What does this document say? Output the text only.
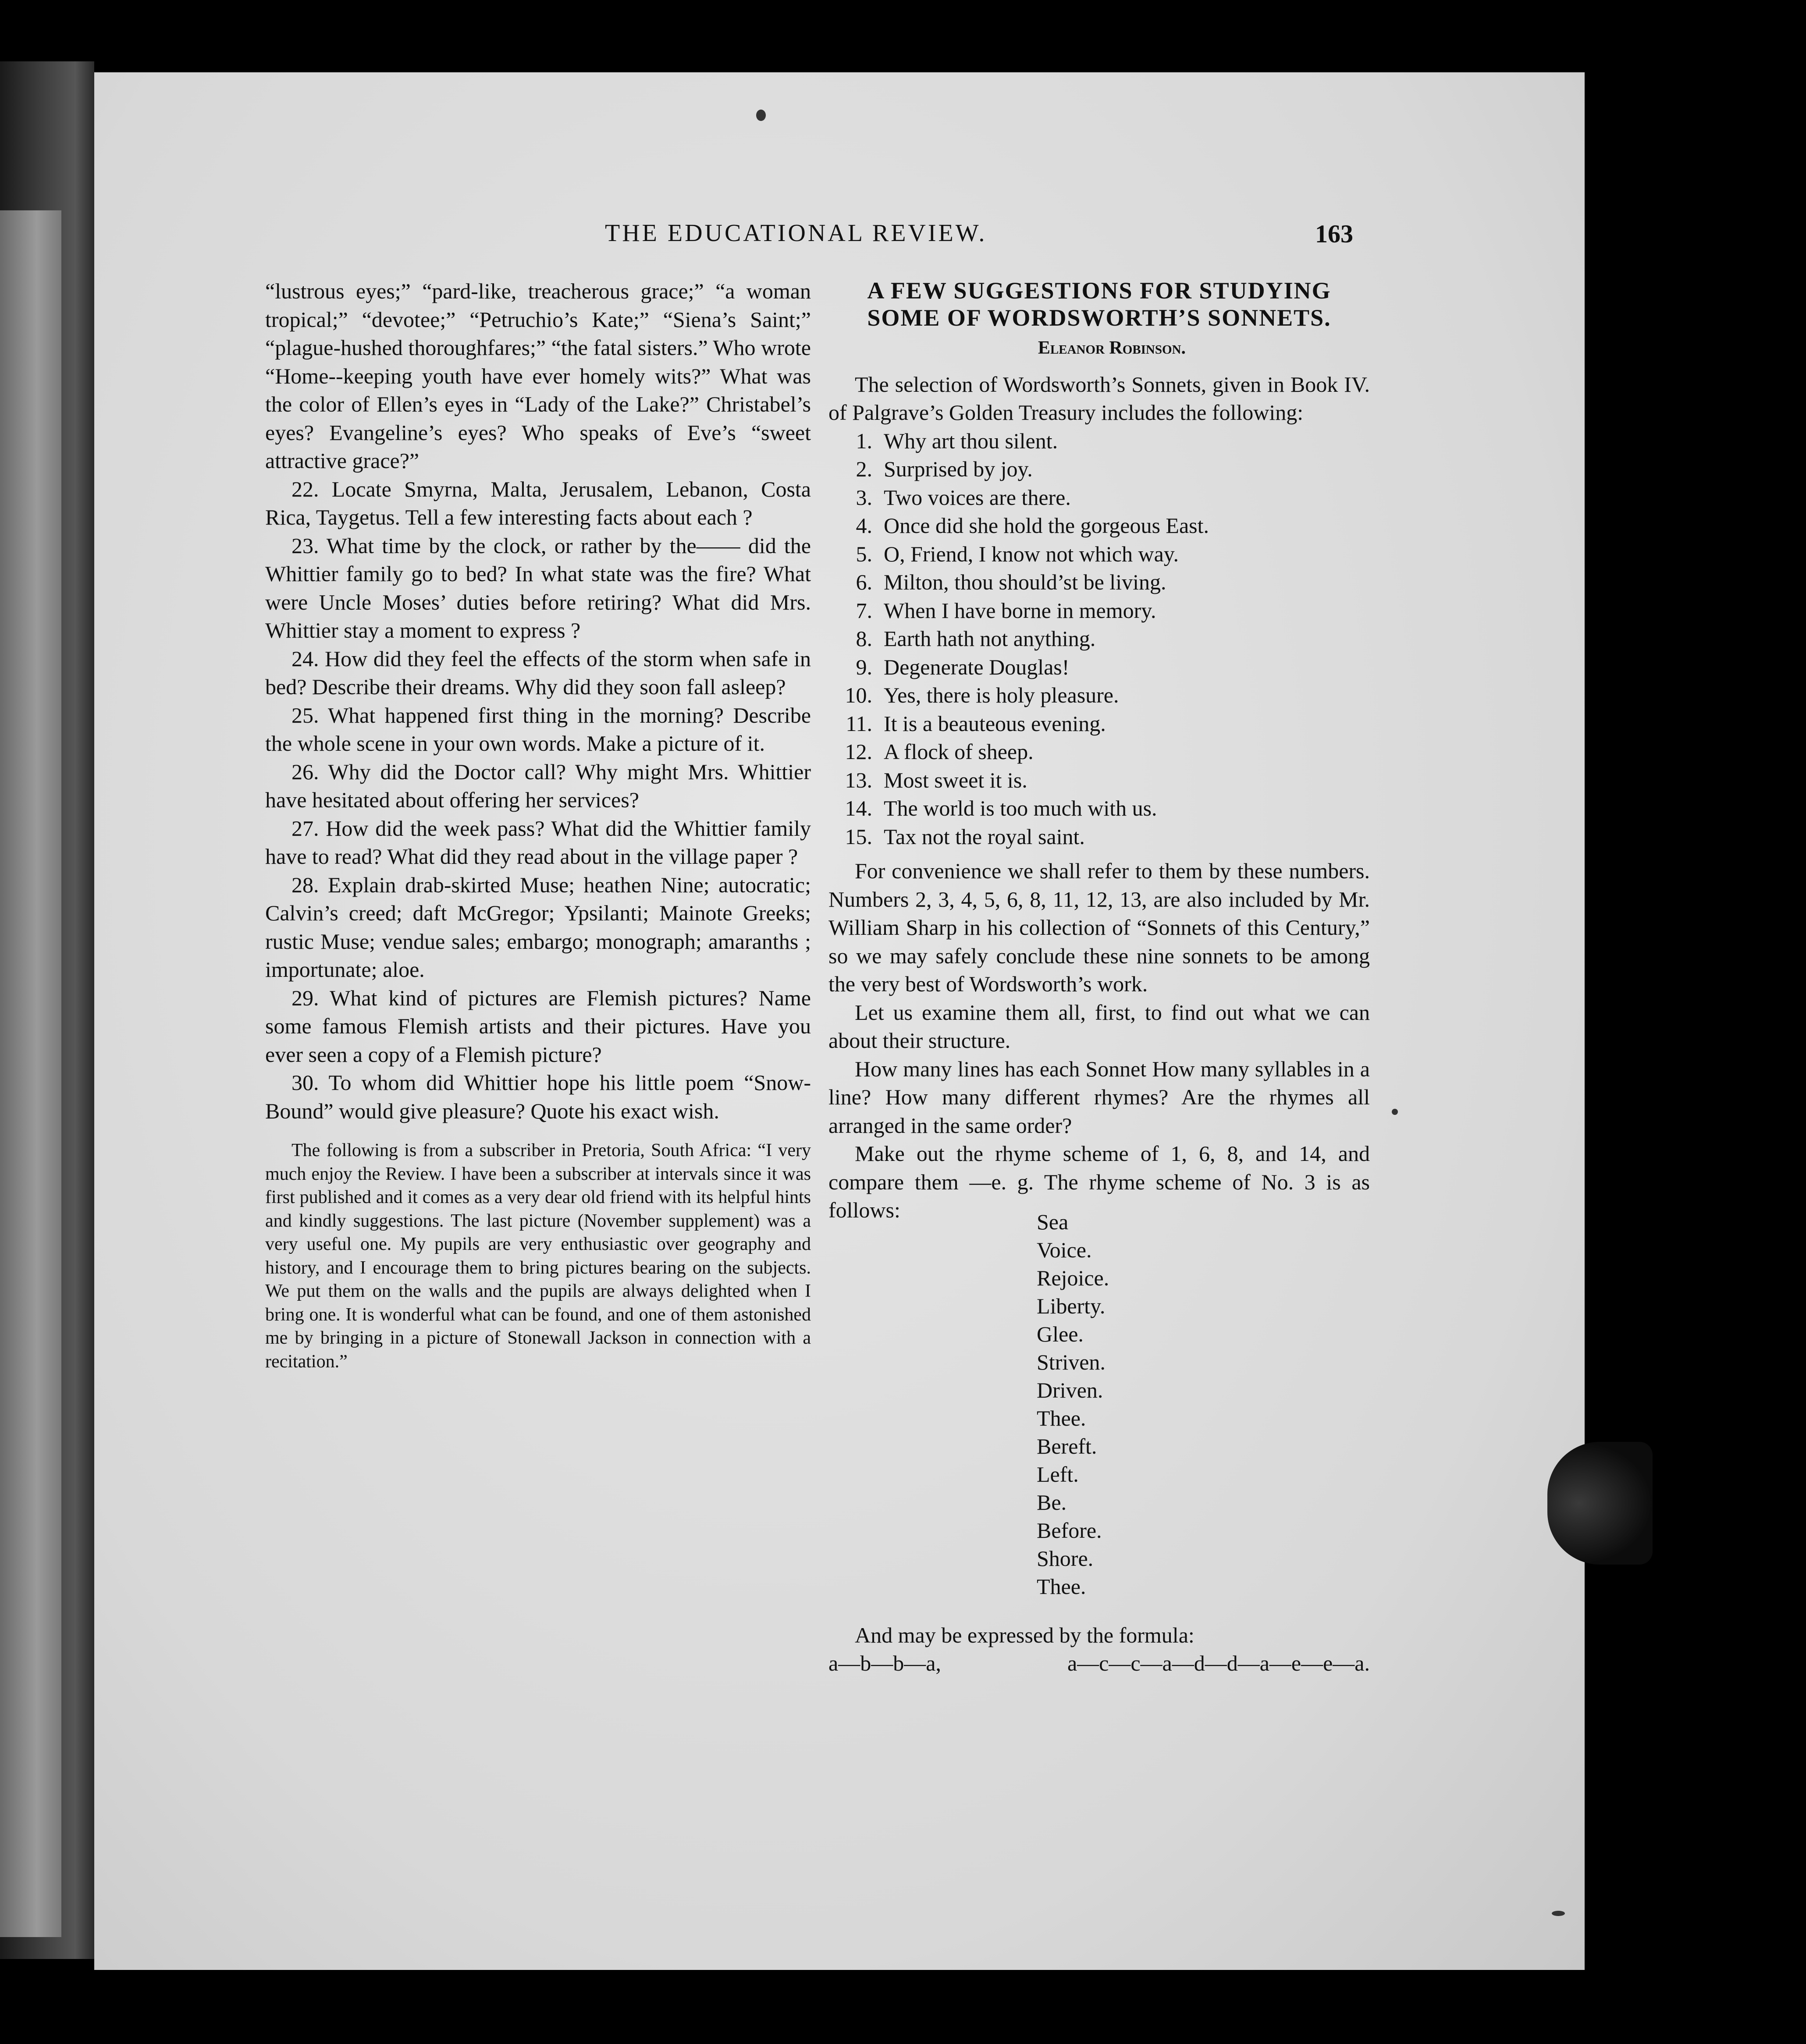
THE EDUCATIONAL REVIEW.	163

“lustrous eyes;” “pard-like, treacherous grace;” “a woman tropical;” “devotee;” “Petruchio’s Kate;” “Siena’s Saint;” “plague-hushed thoroughfares;” “the fatal sisters.” Who wrote “Home--keeping youth have ever homely wits?” What was the color of Ellen’s eyes in “Lady of the Lake?” Christabel’s eyes? Evangeline’s eyes? Who speaks of Eve’s “sweet attractive grace?”

22. Locate Smyrna, Malta, Jerusalem, Lebanon, Costa Rica, Taygetus. Tell a few interesting facts about each ?

23. What time by the clock, or rather by the—— did the Whittier family go to bed? In what state was the fire? What were Uncle Moses’ duties before retiring? What did Mrs. Whittier stay a moment to express ?

24. How did they feel the effects of the storm when safe in bed? Describe their dreams. Why did they soon fall asleep?

25. What happened first thing in the morning? Describe the whole scene in your own words. Make a picture of it.

26. Why did the Doctor call? Why might Mrs. Whittier have hesitated about offering her services?

27. How did the week pass? What did the Whittier family have to read? What did they read about in the village paper ?

28. Explain drab-skirted Muse; heathen Nine; autocratic; Calvin’s creed; daft McGregor; Ypsilanti; Mainote Greeks; rustic Muse; vendue sales; embargo; monograph; amaranths ; importunate; aloe.

29. What kind of pictures are Flemish pictures? Name some famous Flemish artists and their pictures. Have you ever seen a copy of a Flemish picture?

30. To whom did Whittier hope his little poem “Snow-Bound” would give pleasure? Quote his exact wish.

The following is from a subscriber in Pretoria, South Africa: “I very much enjoy the Review. I have been a subscriber at intervals since it was first published and it comes as a very dear old friend with its helpful hints and kindly suggestions. The last picture (November supplement) was a very useful one. My pupils are very enthusiastic over geography and history, and I encourage them to bring pictures bearing on the subjects. We put them on the walls and the pupils are always delighted when I bring one. It is wonderful what can be found, and one of them astonished me by bringing in a picture of Stonewall Jackson in connection with a recitation.”

A FEW SUGGESTIONS FOR STUDYING

SOME OF WORDSWORTH’S SONNETS.

Eleanor Robinson.

The selection of Wordsworth’s Sonnets, given in Book IV. of Palgrave’s Golden Treasury includes the following:

1. Why art thou silent.
2. Surprised by joy.
3. Two voices are there.
4. Once did she hold the gorgeous East.
5. O, Friend, I know not which way.
6. Milton, thou should’st be living.
7. When I have borne in memory.
8. Earth hath not anything.
9. Degenerate Douglas!
10. Yes, there is holy pleasure.
11. It is a beauteous evening.
12. A flock of sheep.
13. Most sweet it is.
14. The world is too much with us.
15. Tax not the royal saint.

For convenience we shall refer to them by these numbers. Numbers 2, 3, 4, 5, 6, 8, 11, 12, 13, are also included by Mr. William Sharp in his collection of “Sonnets of this Century,” so we may safely conclude these nine sonnets to be among the very best of Wordsworth’s work.

Let us examine them all, first, to find out what we can about their structure.

How many lines has each Sonnet How many syllables in a line? How many different rhymes? Are the rhymes all arranged in the same order?

Make out the rhyme scheme of 1, 6, 8, and 14, and compare them —e. g. The rhyme scheme of No. 3 is as follows:	Sea
Voice.
Rejoice.
Liberty.
Glee.
Striven.
Driven.
Thee.
Bereft.
Left.
Be.
Before.
Shore.
Thee.

And may be expressed by the formula:

a—b—b—a,	a—c—c—a—d—d—a—e—e—a.
